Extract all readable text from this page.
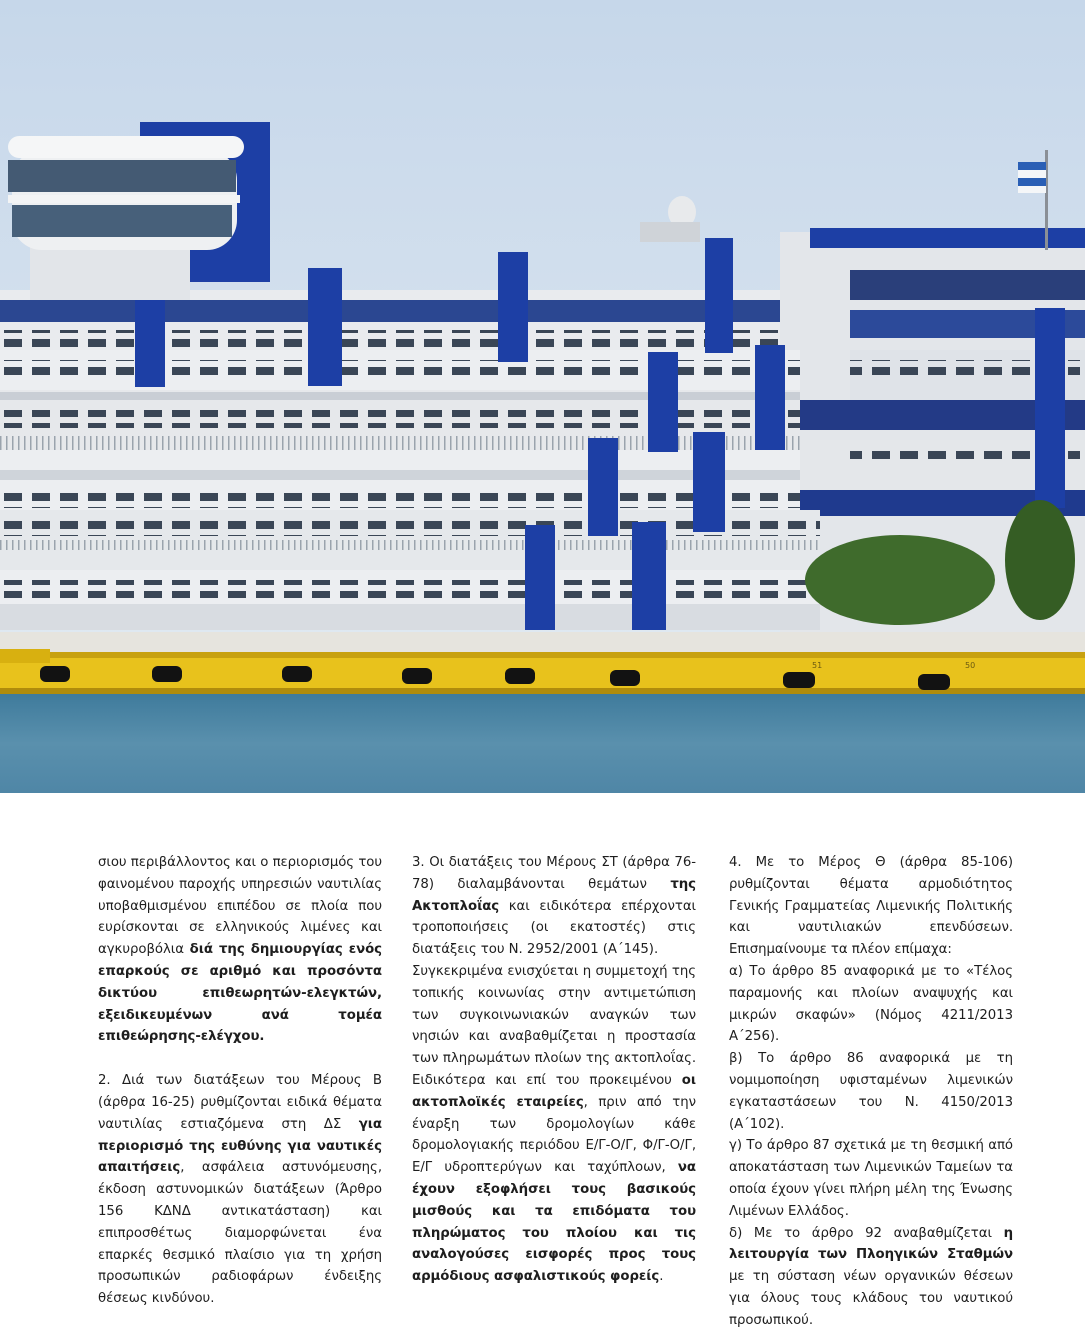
51	50

σιου περιβάλλοντος και ο περιορισμός του φαινομένου παροχής υπηρεσιών ναυτιλίας υποβαθμισμένου επιπέδου σε πλοία που ευρίσκονται σε ελληνικούς λιμένες και αγκυροβόλια διά της δημιουργίας ενός επαρκούς σε αριθμό και προσόντα δικτύου επιθεωρητών-ελεγκτών, εξειδικευμένων ανά τομέα επιθεώρησης-ελέγχου.

2. Διά των διατάξεων του Μέρους Β (άρθρα 16-25) ρυθμίζονται ειδικά θέματα ναυτιλίας εστιαζόμενα στη ΔΣ για περιορισμό της ευθύνης για ναυτικές απαιτήσεις, ασφάλεια αστυνόμευσης, έκδοση αστυνομικών διατάξεων (Άρθρο 156 ΚΔΝΔ αντικατάσταση) και επιπροσθέτως διαμορφώνεται ένα επαρκές θεσμικό πλαίσιο για τη χρήση προσωπικών ραδιοφάρων ένδειξης θέσεως κινδύνου.

3. Οι διατάξεις του Μέρους ΣΤ (άρθρα 76-78) διαλαμβάνονται θεμάτων της Ακτοπλοΐας και ειδικότερα επέρχονται τροποποιήσεις (οι εκατοστές) στις διατάξεις του Ν. 2952/2001 (Α΄145).

Συγκεκριμένα ενισχύεται η συμμετοχή της τοπικής κοινωνίας στην αντιμετώπιση των συγκοινωνιακών αναγκών των νησιών και αναβαθμίζεται η προστασία των πληρωμάτων πλοίων της ακτοπλοΐας. Ειδικότερα και επί του προκειμένου οι ακτοπλοϊκές εταιρείες, πριν από την έναρξη των δρομολογίων κάθε δρομολογιακής περιόδου Ε/Γ-Ο/Γ, Φ/Γ-Ο/Γ, Ε/Γ υδροπτερύγων και ταχύπλοων, να έχουν εξοφλήσει τους βασικούς μισθούς και τα επιδόματα του πληρώματος του πλοίου και τις αναλογούσες εισφορές προς τους αρμόδιους ασφαλιστικούς φορείς.

4. Με το Μέρος Θ (άρθρα 85-106) ρυθμίζονται θέματα αρμοδιότητος Γενικής Γραμματείας Λιμενικής Πολιτικής και ναυτιλιακών επενδύσεων. Επισημαίνουμε τα πλέον επίμαχα:

α) Το άρθρο 85 αναφορικά με το «Τέλος παραμονής και πλοίων αναψυχής και μικρών σκαφών» (Νόμος 4211/2013 Α΄256).

β) Το άρθρο 86 αναφορικά με τη νομιμοποίηση υφισταμένων λιμενικών εγκαταστάσεων του Ν. 4150/2013 (Α΄102).

γ) Το άρθρο 87 σχετικά με τη θεσμική από αποκατάσταση των Λιμενικών Ταμείων τα οποία έχουν γίνει πλήρη μέλη της Ένωσης Λιμένων Ελλάδος.

δ) Με το άρθρο 92 αναβαθμίζεται η λειτουργία των Πλοηγικών Σταθμών με τη σύσταση νέων οργανικών θέσεων για όλους τους κλάδους του ναυτικού προσωπικού.
